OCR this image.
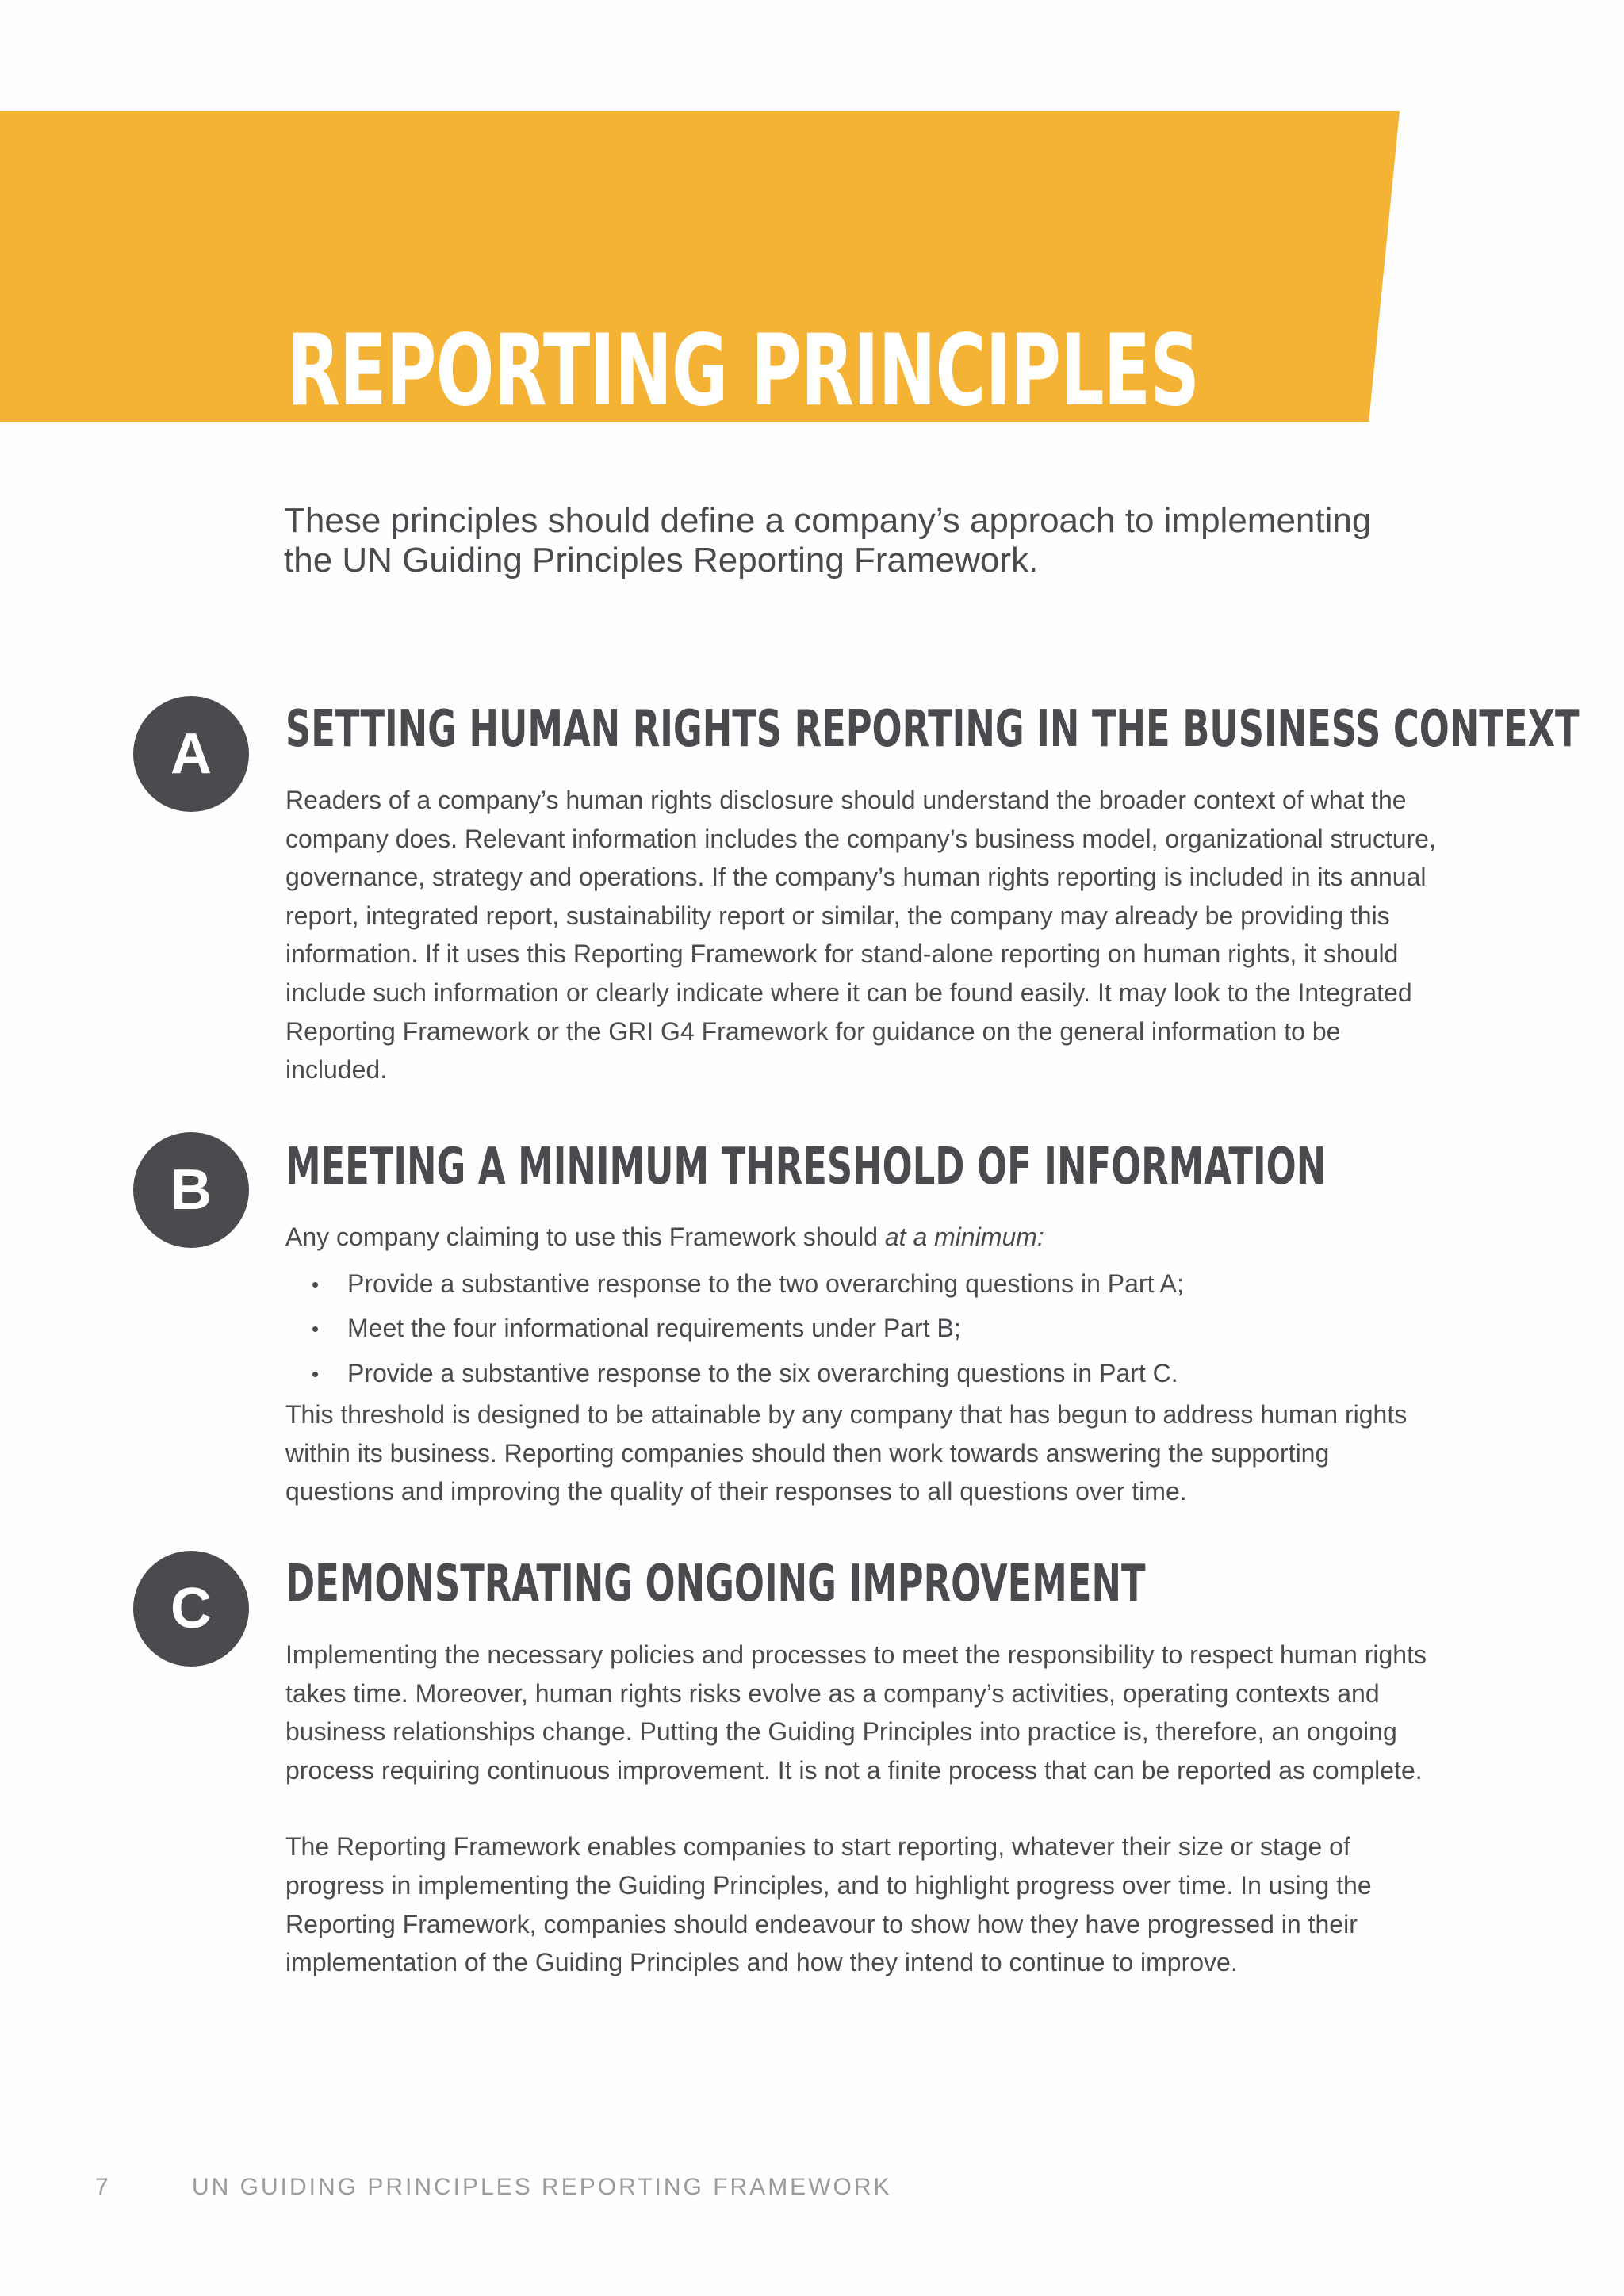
REPORTING PRINCIPLES

These principles should define a company’s approach to implementing the UN Guiding Principles Reporting Framework.

A	SETTING HUMAN RIGHTS REPORTING IN THE BUSINESS CONTEXT

Readers of a company’s human rights disclosure should understand the broader context of what the company does. Relevant information includes the company’s business model, organizational structure, governance, strategy and operations. If the company’s human rights reporting is included in its annual report, integrated report, sustainability report or similar, the company may already be providing this information. If it uses this Reporting Framework for stand-alone reporting on human rights, it should include such information or clearly indicate where it can be found easily. It may look to the Integrated Reporting Framework or the GRI G4 Framework for guidance on the general information to be included.

B	MEETING A MINIMUM THRESHOLD OF INFORMATION

Any company claiming to use this Framework should at a minimum:

Provide a substantive response to the two overarching questions in Part A;
Meet the four informational requirements under Part B;
Provide a substantive response to the six overarching questions in Part C.

This threshold is designed to be attainable by any company that has begun to address human rights within its business. Reporting companies should then work towards answering the supporting questions and improving the quality of their responses to all questions over time.

C	DEMONSTRATING ONGOING IMPROVEMENT

Implementing the necessary policies and processes to meet the responsibility to respect human rights takes time. Moreover, human rights risks evolve as a company’s activities, operating contexts and business relationships change. Putting the Guiding Principles into practice is, therefore, an ongoing process requiring continuous improvement. It is not a finite process that can be reported as complete.

The Reporting Framework enables companies to start reporting, whatever their size or stage of progress in implementing the Guiding Principles, and to highlight progress over time. In using the Reporting Framework, companies should endeavour to show how they have progressed in their implementation of the Guiding Principles and how they intend to continue to improve.

7	UN GUIDING PRINCIPLES REPORTING FRAMEWORK
